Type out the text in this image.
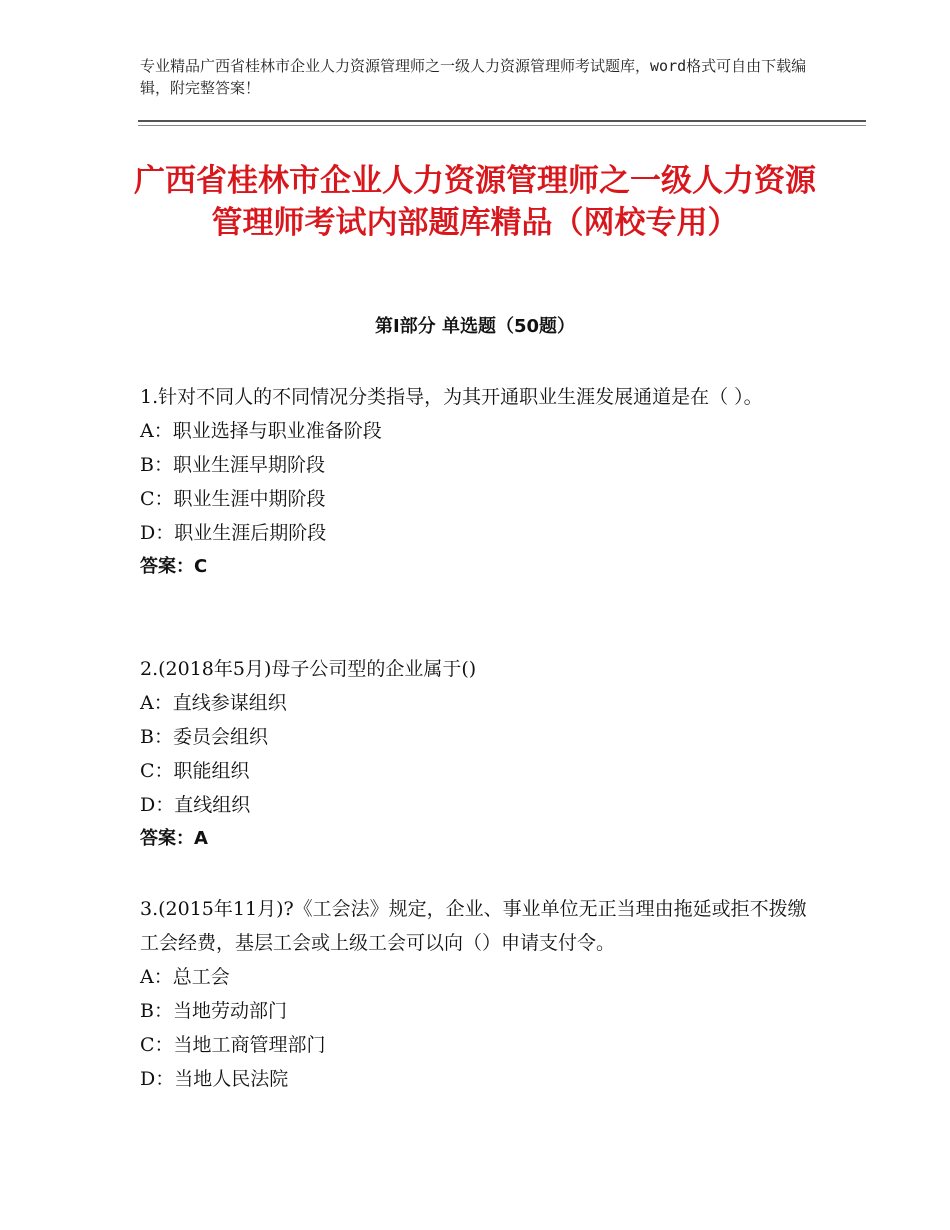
专业精品广西省桂林市企业人力资源管理师之一级人力资源管理师考试题库，word格式可自由下载编辑，附完整答案！
广西省桂林市企业人力资源管理师之一级人力资源管理师考试内部题库精品（网校专用）
第Ⅰ部分 单选题（50题）

1.针对不同人的不同情况分类指导，为其开通职业生涯发展通道是在（ ）。

A：职业选择与职业准备阶段

B：职业生涯早期阶段

C：职业生涯中期阶段

D：职业生涯后期阶段

答案：C

2.(2018年5月)母子公司型的企业属于()

A：直线参谋组织

B：委员会组织

C：职能组织

D：直线组织

答案：A

3.(2015年11月)?《工会法》规定，企业、事业单位无正当理由拖延或拒不拨缴工会经费，基层工会或上级工会可以向（）申请支付令。

A：总工会

B：当地劳动部门

C：当地工商管理部门

D：当地人民法院
